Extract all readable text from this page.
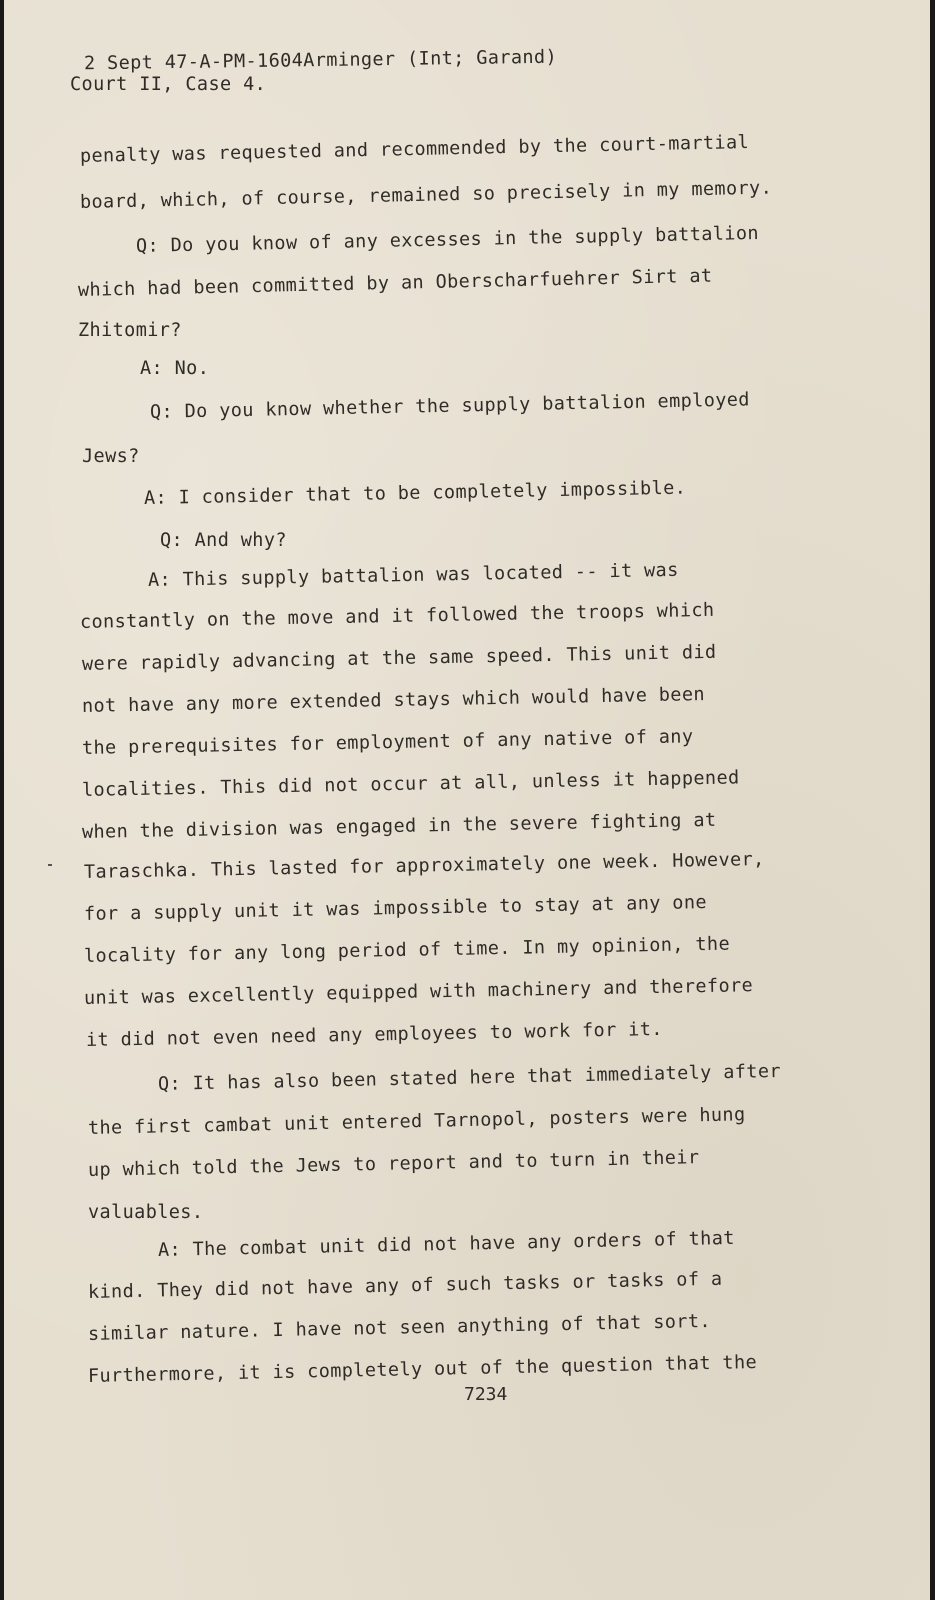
2 Sept 47-A-PM-1604Arminger (Int; Garand)
Court II, Case 4.
penalty was requested and recommended by the court-martial
board, which, of course, remained so precisely in my memory.
Q: Do you know of any excesses in the supply battalion
which had been committed by an Oberscharfuehrer Sirt at
Zhitomir?
A: No.
Q: Do you know whether the supply battalion employed
Jews?
A: I consider that to be completely impossible.
Q: And why?
A: This supply battalion was located -- it was
constantly on the move and it followed the troops which
were rapidly advancing at the same speed. This unit did
not have any more extended stays which would have been
the prerequisites for employment of any native of any
localities. This did not occur at all, unless it happened
when the division was engaged in the severe fighting at
Taraschka. This lasted for approximately one week. However,
for a supply unit it was impossible to stay at any one
locality for any long period of time. In my opinion, the
unit was excellently equipped with machinery and therefore
it did not even need any employees to work for it.
Q: It has also been stated here that immediately after
the first cambat unit entered Tarnopol, posters were hung
up which told the Jews to report and to turn in their
valuables.
A: The combat unit did not have any orders of that
kind. They did not have any of such tasks or tasks of a
similar nature. I have not seen anything of that sort.
Furthermore, it is completely out of the question that the
7234
